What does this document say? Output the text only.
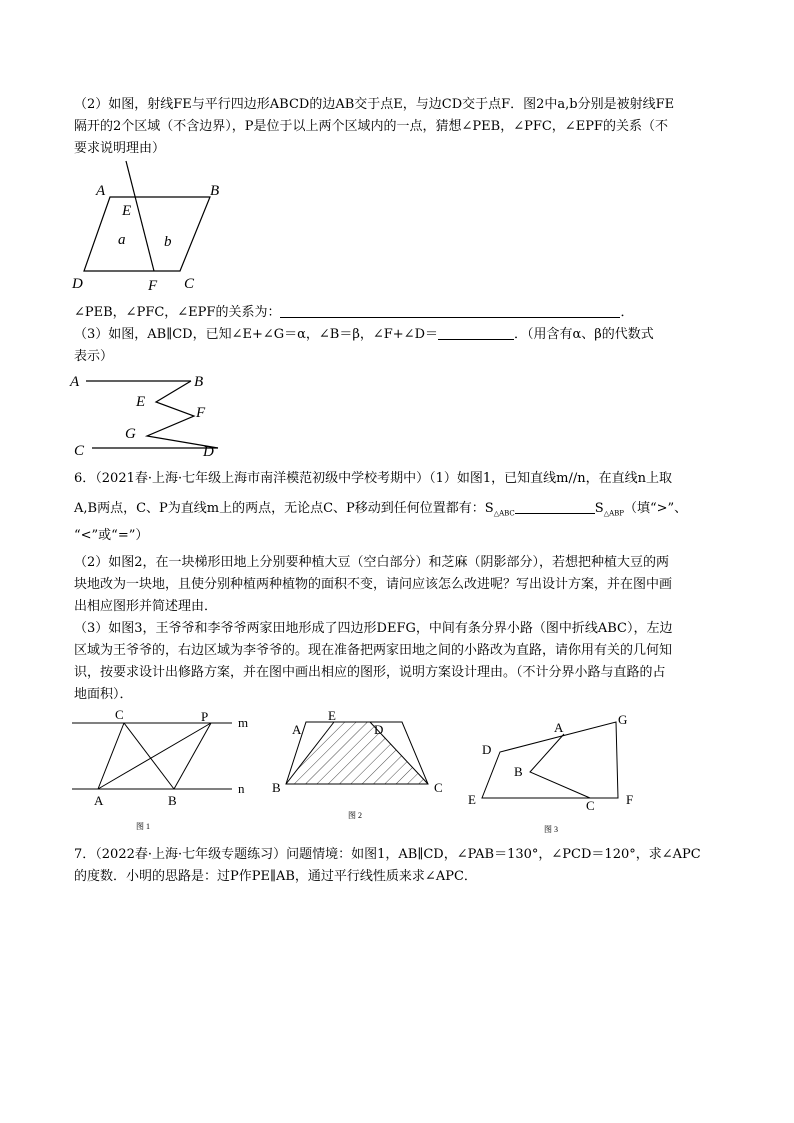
（2）如图，射线FE与平行四边形ABCD的边AB交于点E，与边CD交于点F．图2中a,b分别是被射线FE

隔开的2个区域（不含边界），P是位于以上两个区域内的一点，猜想∠PEB，∠PFC，∠EPF的关系（不

要求说明理由）

A	B
E
a	b
D	F C

∠PEB，∠PFC，∠EPF的关系为：	．

（3）如图，AB∥CD，已知∠E+∠G＝α，∠B＝β，∠F+∠D＝	．（用含有α、β的代数式

表示）

A	B
E
F
G
C	D

6．（2021春·上海·七年级上海市南洋模范初级中学校考期中）（1）如图1，已知直线m//n，在直线n上取

A,B两点，C、P为直线m上的两点，无论点C、P移动到任何位置都有：$S_{\triangle ABC}$	$S_{\triangle ABP}$（填“>”、

“<”或“=”）

（2）如图2，在一块梯形田地上分别要种植大豆（空白部分）和芝麻（阴影部分），若想把种植大豆的两

块地改为一块地，且使分别种植两种植物的面积不变，请问应该怎么改进呢？写出设计方案，并在图中画

出相应图形并简述理由．

（3）如图3，王爷爷和李爷爷两家田地形成了四边形DEFG，中间有条分界小路（图中折线ABC），左边

区域为王爷爷的，右边区域为李爷爷的。现在准备把两家田地之间的小路改为直路，请你用有关的几何知

识，按要求设计出修路方案，并在图中画出相应的图形，说明方案设计理由。（不计分界小路与直路的占

地面积）．

C	P m
A	B
n
图 1
A
E
D
B	C
图 2
D
E
A
B
C F
G
图 3

7．（2022春·上海·七年级专题练习）问题情境：如图1，AB∥CD，∠PAB＝130°，∠PCD＝120°，求∠APC

的度数．小明的思路是：过P作PE∥AB，通过平行线性质来求∠APC．
